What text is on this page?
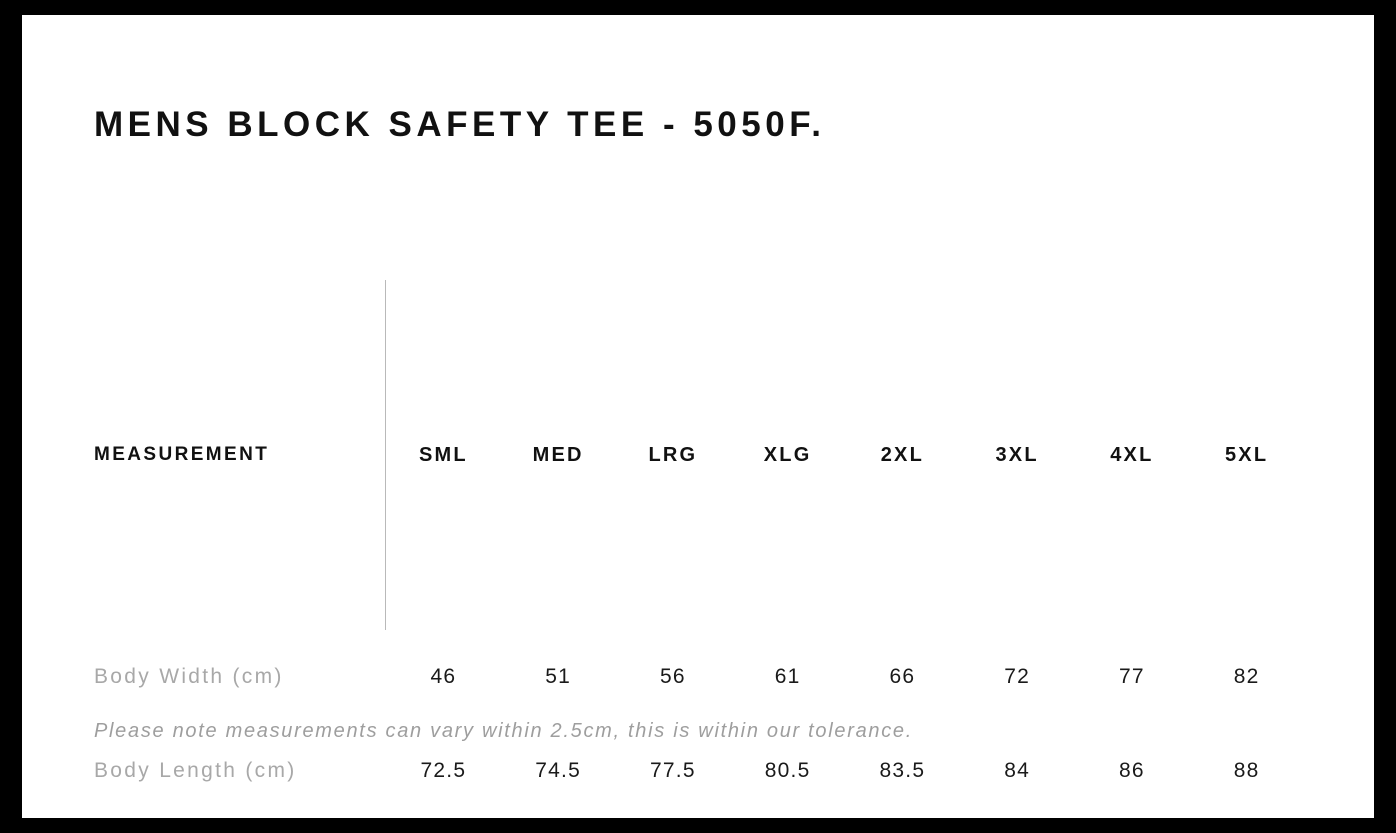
MENS BLOCK SAFETY TEE - 5050F.
MEASUREMENT		SML	MED	LRG	XLG	2XL	3XL	4XL	5XL
Body Width (cm)		46	51	56	61	66	72	77	82
Body Length (cm)		72.5	74.5	77.5	80.5	83.5	84	86	88
Please note measurements can vary within 2.5cm, this is within our tolerance.
